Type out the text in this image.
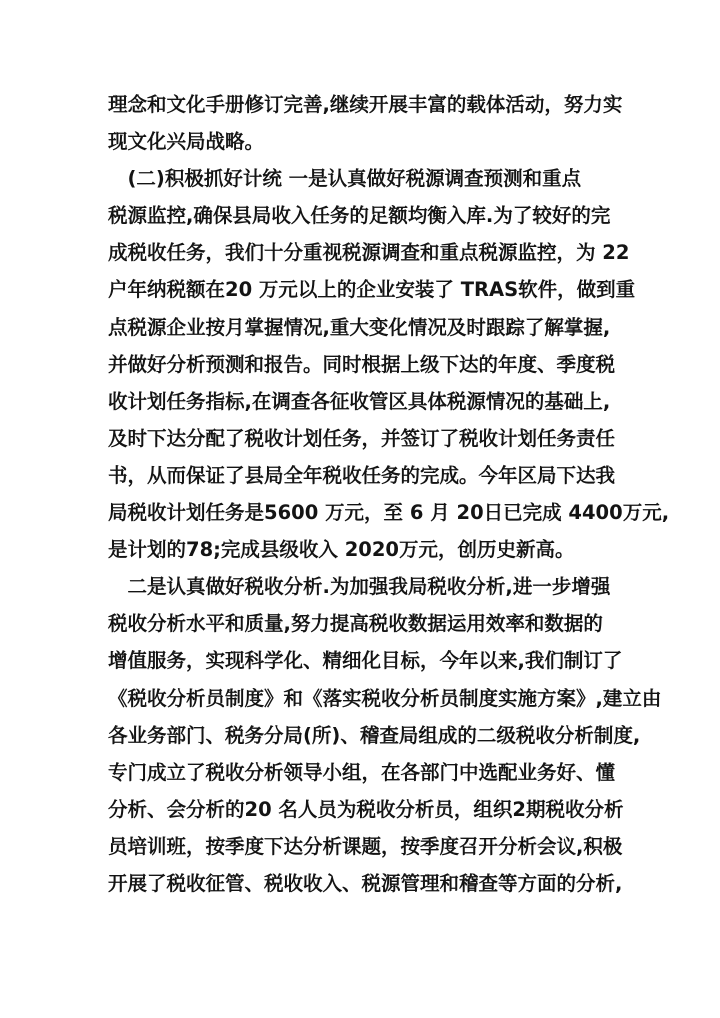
理念和文化手册修订完善,继续开展丰富的载体活动，努力实
现文化兴局战略。
　(二)积极抓好计统 一是认真做好税源调查预测和重点
税源监控,确保县局收入任务的足额均衡入库.为了较好的完
成税收任务，我们十分重视税源调查和重点税源监控，为 22
户年纳税额在20 万元以上的企业安装了 TRAS软件，做到重
点税源企业按月掌握情况,重大变化情况及时跟踪了解掌握,
并做好分析预测和报告。同时根据上级下达的年度、季度税
收计划任务指标,在调查各征收管区具体税源情况的基础上,
及时下达分配了税收计划任务，并签订了税收计划任务责任
书，从而保证了县局全年税收任务的完成。今年区局下达我
局税收计划任务是5600 万元，至 6 月 20日已完成 4400万元,
是计划的78;完成县级收入 2020万元，创历史新高。
　二是认真做好税收分析.为加强我局税收分析,进一步增强
税收分析水平和质量,努力提高税收数据运用效率和数据的
增值服务，实现科学化、精细化目标，今年以来,我们制订了
《税收分析员制度》和《落实税收分析员制度实施方案》,建立由
各业务部门、税务分局(所)、稽查局组成的二级税收分析制度,
专门成立了税收分析领导小组，在各部门中选配业务好、懂
分析、会分析的20 名人员为税收分析员，组织2期税收分析
员培训班，按季度下达分析课题，按季度召开分析会议,积极
开展了税收征管、税收收入、税源管理和稽查等方面的分析,
